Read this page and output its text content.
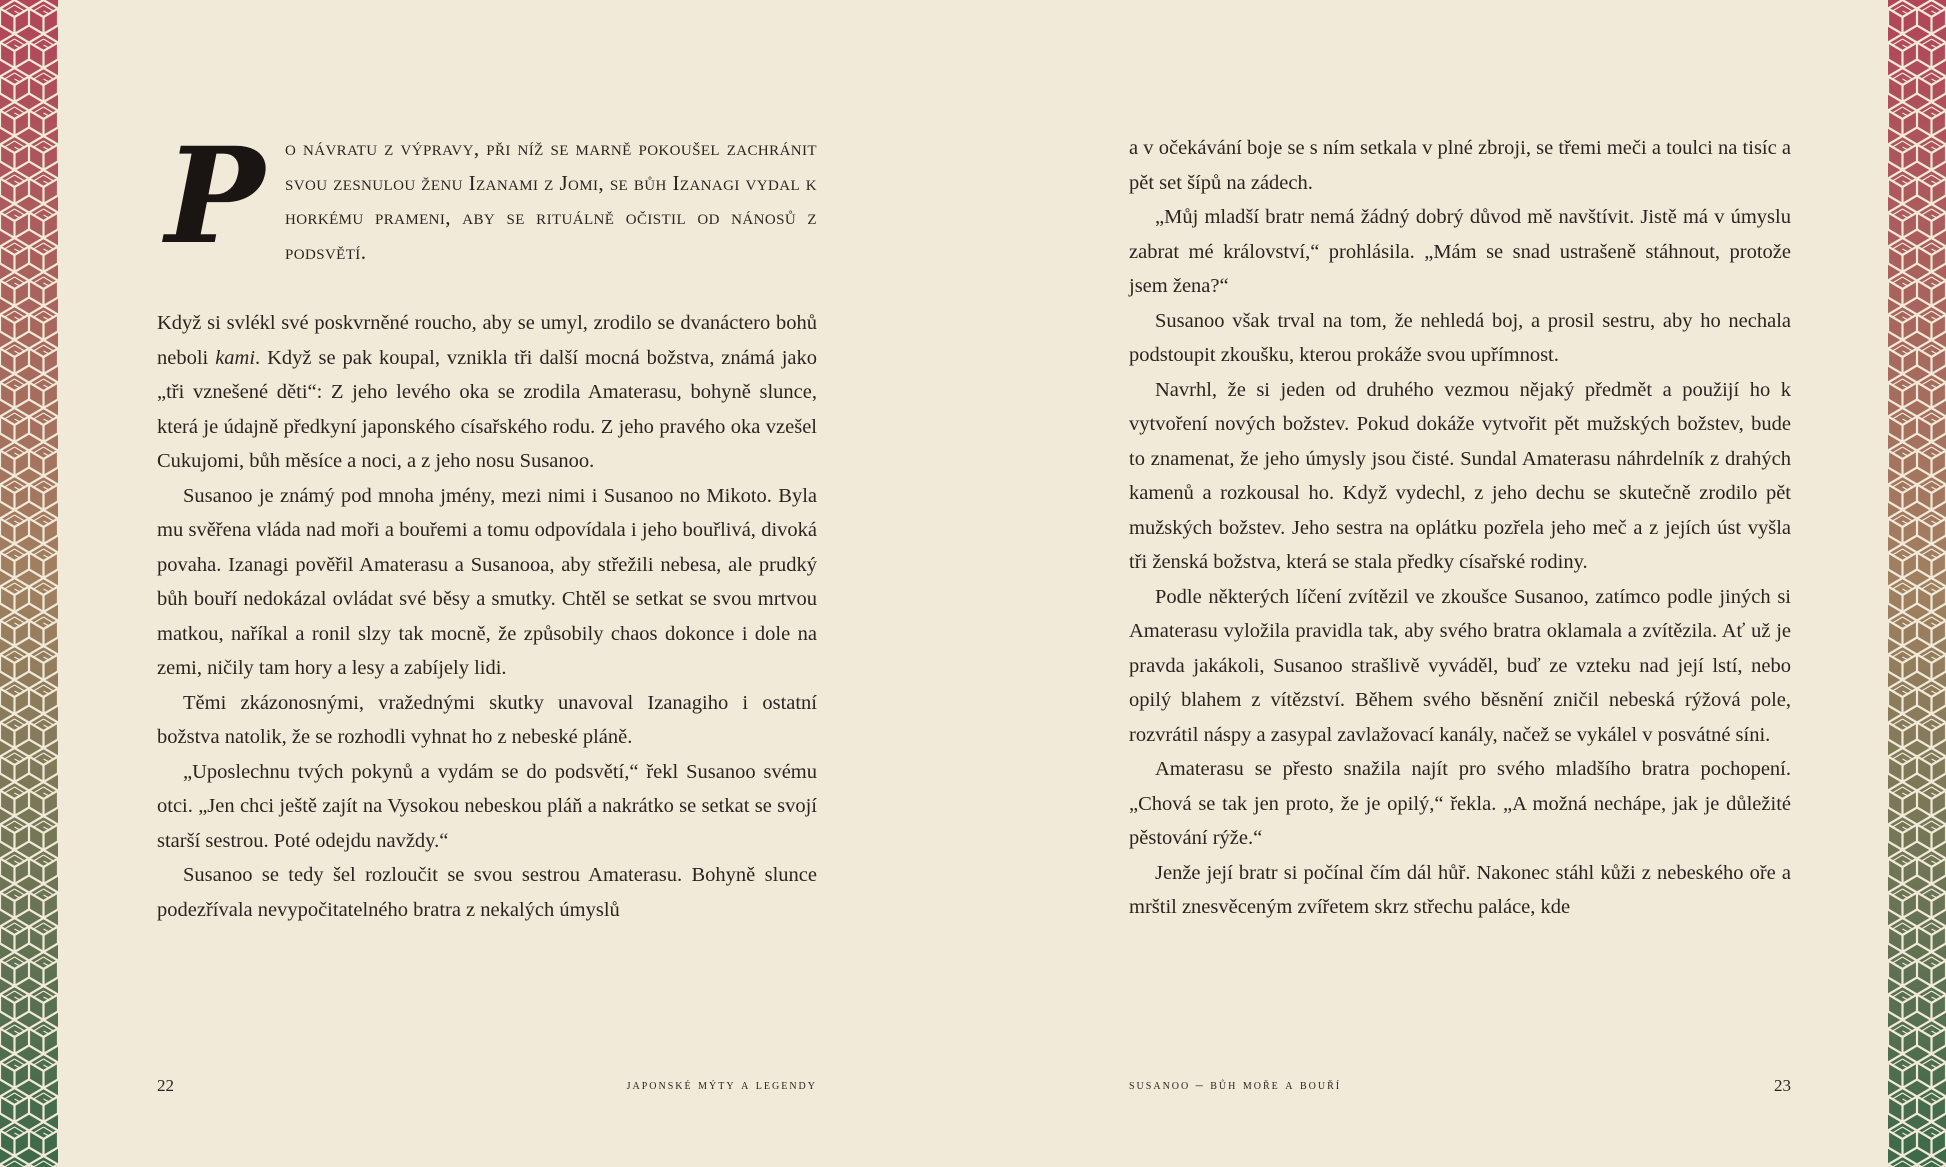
Po návratu z výpravy, při níž se marně pokoušel zachránit svou zesnulou ženu Izanami z Jomi, se bůh Izanagi vydal k horkému prameni, aby se rituálně očistil od nánosů z podsvětí.

Když si svlékl své poskvrněné roucho, aby se umyl, zrodilo se dvanáctero bohů neboli kami. Když se pak koupal, vznikla tři další mocná božstva, známá jako „tři vznešené děti“: Z jeho levého oka se zrodila Amaterasu, bohyně slunce, která je údajně předkyní japonského císařského rodu. Z jeho pravého oka vzešel Cukujomi, bůh měsíce a noci, a z jeho nosu Susanoo.

Susanoo je známý pod mnoha jmény, mezi nimi i Susanoo no Mikoto. Byla mu svěřena vláda nad moři a bouřemi a tomu odpovídala i jeho bouřlivá, divoká povaha. Izanagi pověřil Amaterasu a Susanooa, aby střežili nebesa, ale prudký bůh bouří nedokázal ovládat své běsy a smutky. Chtěl se setkat se svou mrtvou matkou, naříkal a ronil slzy tak mocně, že způsobily chaos dokonce i dole na zemi, ničily tam hory a lesy a zabíjely lidi.

Těmi zkázonosnými, vražednými skutky unavoval Izanagiho i ostatní božstva natolik, že se rozhodli vyhnat ho z nebeské pláně.

„Uposlechnu tvých pokynů a vydám se do podsvětí,“ řekl Susanoo svému otci. „Jen chci ještě zajít na Vysokou nebeskou pláň a nakrátko se setkat se svojí starší sestrou. Poté odejdu navždy.“

Susanoo se tedy šel rozloučit se svou sestrou Amaterasu. Bohyně slunce podezřívala nevypočitatelného bratra z nekalých úmyslů

22	japonské mýty a legendy

a v očekávání boje se s ním setkala v plné zbroji, se třemi meči a toulci na tisíc a pět set šípů na zádech.

„Můj mladší bratr nemá žádný dobrý důvod mě navštívit. Jistě má v úmyslu zabrat mé království,“ prohlásila. „Mám se snad ustrašeně stáhnout, protože jsem žena?“

Susanoo však trval na tom, že nehledá boj, a prosil sestru, aby ho nechala podstoupit zkoušku, kterou prokáže svou upřímnost.

Navrhl, že si jeden od druhého vezmou nějaký předmět a použijí ho k vytvoření nových božstev. Pokud dokáže vytvořit pět mužských božstev, bude to znamenat, že jeho úmysly jsou čisté. Sundal Amaterasu náhrdelník z drahých kamenů a rozkousal ho. Když vydechl, z jeho dechu se skutečně zrodilo pět mužských božstev. Jeho sestra na oplátku pozřela jeho meč a z jejích úst vyšla tři ženská božstva, která se stala předky císařské rodiny.

Podle některých líčení zvítězil ve zkoušce Susanoo, zatímco podle jiných si Amaterasu vyložila pravidla tak, aby svého bratra oklamala a zvítězila. Ať už je pravda jakákoli, Susanoo strašlivě vyváděl, buď ze vzteku nad její lstí, nebo opilý blahem z vítězství. Během svého běsnění zničil nebeská rýžová pole, rozvrátil náspy a zasypal zavlažovací kanály, načež se vykálel v posvátné síni.

Amaterasu se přesto snažila najít pro svého mladšího bratra pochopení. „Chová se tak jen proto, že je opilý,“ řekla. „A možná nechápe, jak je důležité pěstování rýže.“

Jenže její bratr si počínal čím dál hůř. Nakonec stáhl kůži z nebeského oře a mrštil znesvěceným zvířetem skrz střechu paláce, kde

susanoo – bůh moře a bouří	23
